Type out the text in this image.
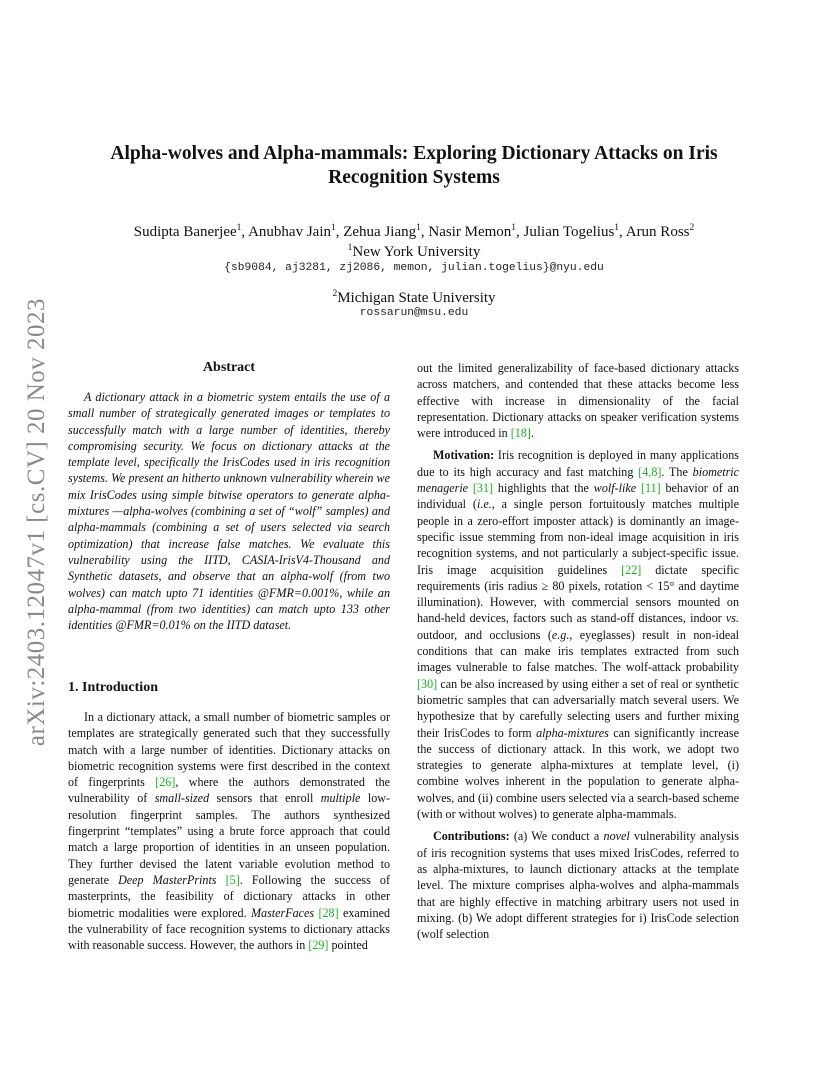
arXiv:2403.12047v1 [cs.CV] 20 Nov 2023
Alpha-wolves and Alpha-mammals: Exploring Dictionary Attacks on Iris Recognition Systems
Sudipta Banerjee$^1$, Anubhav Jain$^1$, Zehua Jiang$^1$, Nasir Memon$^1$, Julian Togelius$^1$, Arun Ross$^2$
$^1$New York University
{sb9084, aj3281, zj2086, memon, julian.togelius}@nyu.edu
$^2$Michigan State University
rossarun@msu.edu
Abstract

A dictionary attack in a biometric system entails the use of a small number of strategically generated images or templates to successfully match with a large number of identities, thereby compromising security. We focus on dictionary attacks at the template level, specifically the IrisCodes used in iris recognition systems. We present an hitherto unknown vulnerability wherein we mix IrisCodes using simple bitwise operators to generate alpha-mixtures —alpha-wolves (combining a set of “wolf” samples) and alpha-mammals (combining a set of users selected via search optimization) that increase false matches. We evaluate this vulnerability using the IITD, CASIA-IrisV4-Thousand and Synthetic datasets, and observe that an alpha-wolf (from two wolves) can match upto 71 identities @FMR=0.001%, while an alpha-mammal (from two identities) can match upto 133 other identities @FMR=0.01% on the IITD dataset.

1. Introduction

In a dictionary attack, a small number of biometric samples or templates are strategically generated such that they successfully match with a large number of identities. Dictionary attacks on biometric recognition systems were first described in the context of fingerprints [26], where the authors demonstrated the vulnerability of small-sized sensors that enroll multiple low-resolution fingerprint samples. The authors synthesized fingerprint “templates” using a brute force approach that could match a large proportion of identities in an unseen population. They further devised the latent variable evolution method to generate Deep MasterPrints [5]. Following the success of masterprints, the feasibility of dictionary attacks in other biometric modalities were explored. MasterFaces [28] examined the vulnerability of face recognition systems to dictionary attacks with reasonable success. However, the authors in [29] pointed

out the limited generalizability of face-based dictionary attacks across matchers, and contended that these attacks become less effective with increase in dimensionality of the facial representation. Dictionary attacks on speaker verification systems were introduced in [18].

Motivation: Iris recognition is deployed in many applications due to its high accuracy and fast matching [4,8]. The biometric menagerie [31] highlights that the wolf-like [11] behavior of an individual (i.e., a single person fortuitously matches multiple people in a zero-effort imposter attack) is dominantly an image-specific issue stemming from non-ideal image acquisition in iris recognition systems, and not particularly a subject-specific issue. Iris image acquisition guidelines [22] dictate specific requirements (iris radius ≥ 80 pixels, rotation < 15° and daytime illumination). However, with commercial sensors mounted on hand-held devices, factors such as stand-off distances, indoor vs. outdoor, and occlusions (e.g., eyeglasses) result in non-ideal conditions that can make iris templates extracted from such images vulnerable to false matches. The wolf-attack probability [30] can be also increased by using either a set of real or synthetic biometric samples that can adversarially match several users. We hypothesize that by carefully selecting users and further mixing their IrisCodes to form alpha-mixtures can significantly increase the success of dictionary attack. In this work, we adopt two strategies to generate alpha-mixtures at template level, (i) combine wolves inherent in the population to generate alpha-wolves, and (ii) combine users selected via a search-based scheme (with or without wolves) to generate alpha-mammals.

Contributions: (a) We conduct a novel vulnerability analysis of iris recognition systems that uses mixed IrisCodes, referred to as alpha-mixtures, to launch dictionary attacks at the template level. The mixture comprises alpha-wolves and alpha-mammals that are highly effective in matching arbitrary users not used in mixing. (b) We adopt different strategies for i) IrisCode selection (wolf selection
